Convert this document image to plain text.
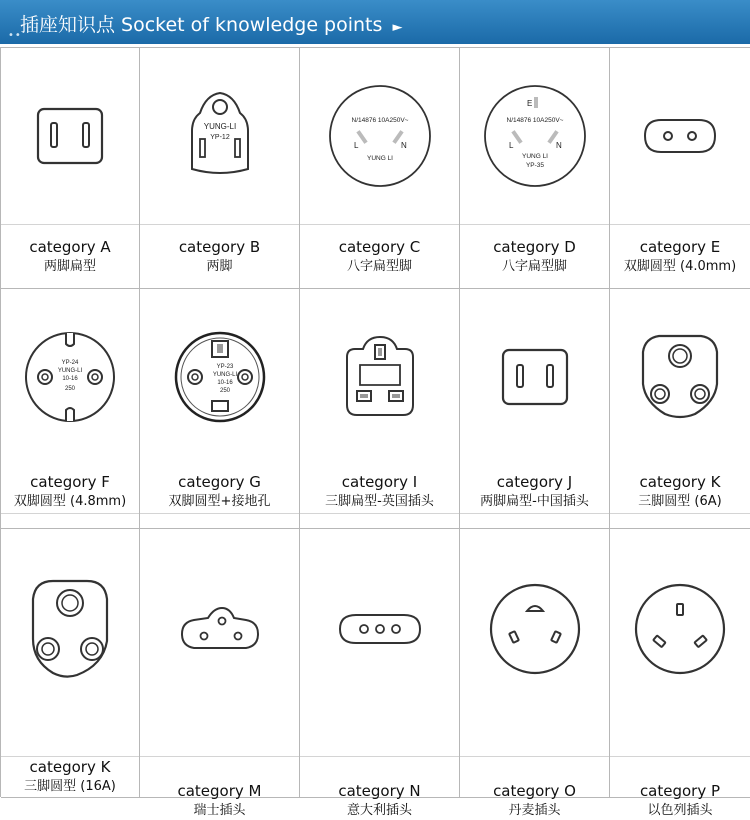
••
插座知识点 Socket of knowledge points ►
category A
两脚扁型
YUNG-LI
YP-12
category B
两脚
N/14876 10A250V~
L	N
YUNG LI
category C
八字扁型脚
E
N/14876 10A250V~
L	N
YUNG LI
YP-35
category D
八字扁型脚
category E
双脚圆型 (4.0mm)
YP-24
YUNG-LI
10-16
250
category F
双脚圆型 (4.8mm)
YP-23
YUNG-LI
10-16
250
category G
双脚圆型+接地孔
category I
三脚扁型-英国插头
category J
两脚扁型-中国插头
category K
三脚圆型 (6A)
category K
三脚圆型 (16A)	category M
瑞士插头
category N
意大利插头
category O
丹麦插头
category P
以色列插头
